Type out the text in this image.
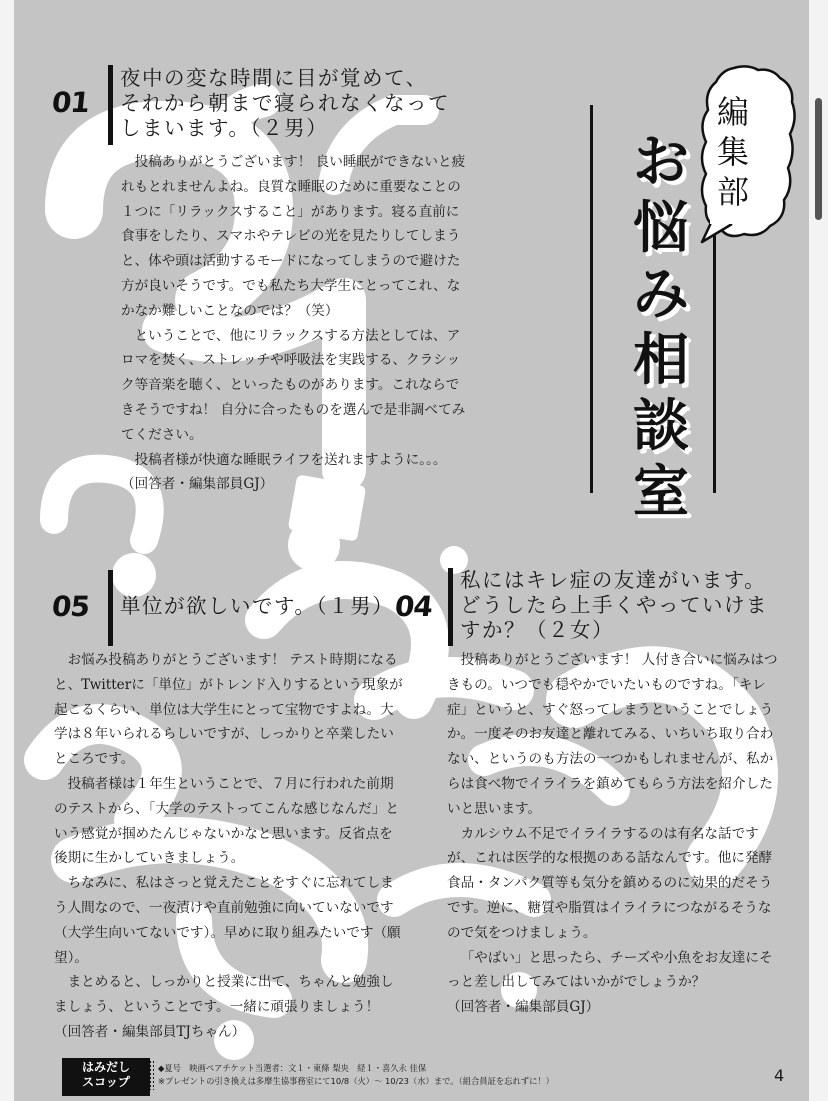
01
夜中の変な時間に目が覚めて、
それから朝まで寝られなくなって
しまいます。（２男）

投稿ありがとうございます！ 良い睡眠ができないと疲れもとれませんよね。良質な睡眠のために重要なことの１つに「リラックスすること」があります。寝る直前に食事をしたり、スマホやテレビの光を見たりしてしまうと、体や頭は活動するモードになってしまうので避けた方が良いそうです。でも私たち大学生にとってこれ、なかなか難しいことなのでは？（笑）

ということで、他にリラックスする方法としては、アロマを焚く、ストレッチや呼吸法を実践する、クラシック等音楽を聴く、といったものがあります。これならできそうですね！ 自分に合ったものを選んで是非調べてみてください。

投稿者様が快適な睡眠ライフを送れますように。。。

（回答者・編集部員GJ）

お
悩
み
相
談
室
編
集
部
05 単位が欲しいです。（１男）

お悩み投稿ありがとうございます！ テスト時期になると、Twitterに「単位」がトレンド入りするという現象が起こるくらい、単位は大学生にとって宝物ですよね。大学は８年いられるらしいですが、しっかりと卒業したいところです。

投稿者様は１年生ということで、７月に行われた前期のテストから、「大学のテストってこんな感じなんだ」という感覚が掴めたんじゃないかなと思います。反省点を後期に生かしていきましょう。

ちなみに、私はさっと覚えたことをすぐに忘れてしまう人間なので、一夜漬けや直前勉強に向いていないです（大学生向いてないです）。早めに取り組みたいです（願望）。

まとめると、しっかりと授業に出て、ちゃんと勉強しましょう、ということです。一緒に頑張りましょう！

（回答者・編集部員TJちゃん）

04
私にはキレ症の友達がいます。
どうしたら上手くやっていけま
すか？（２女）

投稿ありがとうございます！ 人付き合いに悩みはつきもの。いつでも穏やかでいたいものですね。「キレ症」というと、すぐ怒ってしまうということでしょうか。一度そのお友達と離れてみる、いちいち取り合わない、というのも方法の一つかもしれませんが、私からは食べ物でイライラを鎮めてもらう方法を紹介したいと思います。

カルシウム不足でイライラするのは有名な話ですが、これは医学的な根拠のある話なんです。他に発酵食品・タンパク質等も気分を鎮めるのに効果的だそうです。逆に、糖質や脂質はイライラにつながるそうなので気をつけましょう。

「やばい」と思ったら、チーズや小魚をお友達にそっと差し出してみてはいかがでしょうか？

（回答者・編集部員GJ）

はみだし
スコップ
◆夏号　映画ペアチケット当選者：文１・東條 梨央　経１・喜久永 佳保
※プレゼントの引き換えは多摩生協事務室にて10/8（火）～ 10/23（水）まで。（組合員証を忘れずに！）	4
